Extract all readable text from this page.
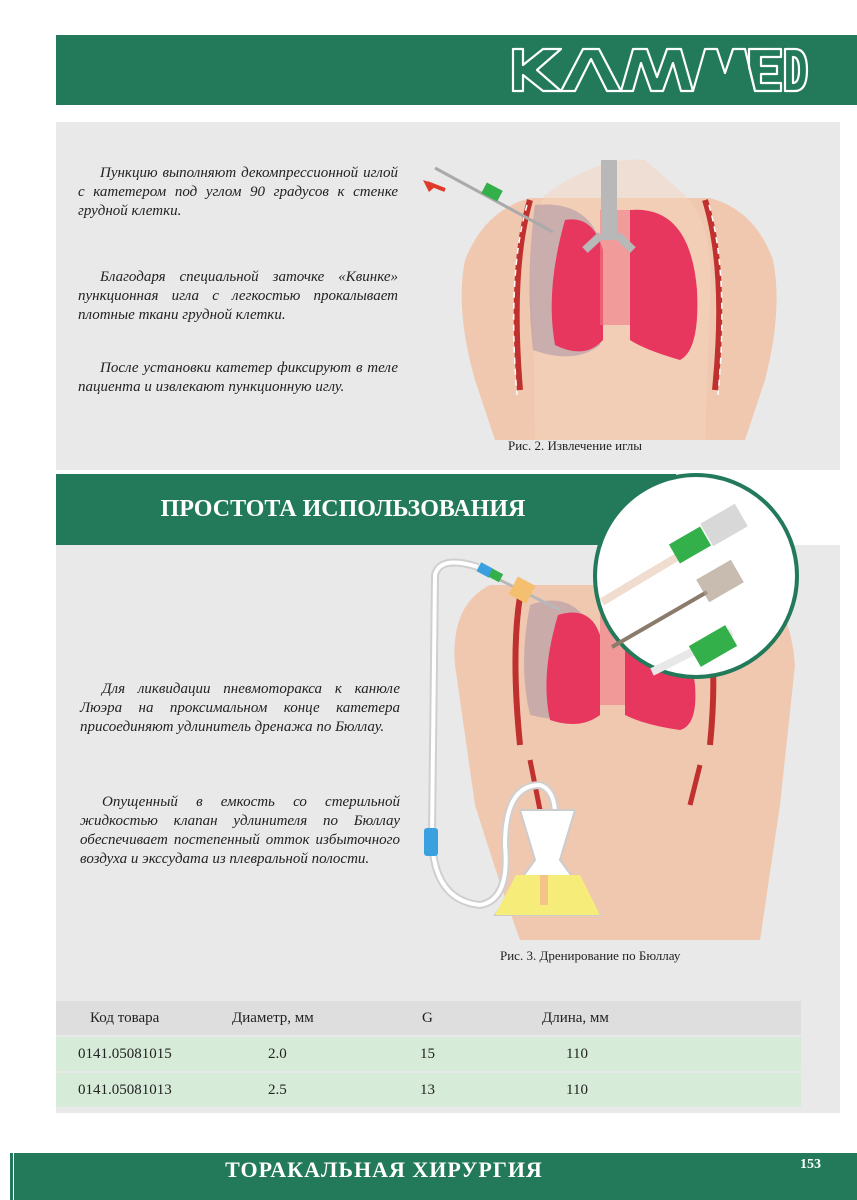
Пункцию выполняют декомпрессионной иглой с катетером под углом 90 градусов к стенке грудной клетки.
Благодаря специальной заточке «Квинке» пункционная игла с легкостью прокалывает плотные ткани грудной клетки.
После установки катетер фиксируют в теле пациента и извлекают пункционную иглу.
Рис. 2. Извлечение иглы
ПРОСТОТА ИСПОЛЬЗОВАНИЯ
Для ликвидации пневмоторакса к канюле Люэра на проксимальном конце катетера присоединяют удлинитель дренажа по Бюллау.
Опущенный в емкость со стерильной жидкостью клапан удлинителя по Бюллау обеспечивает постепенный отток избыточного воздуха и экссудата из плевральной полости.
Рис. 3. Дренирование по Бюллау
Код товара	Диаметр, мм	G	Длина, мм
0141.05081015	2.0	15	110
0141.05081013	2.5	13	110
ТОРАКАЛЬНАЯ ХИРУРГИЯ	153
